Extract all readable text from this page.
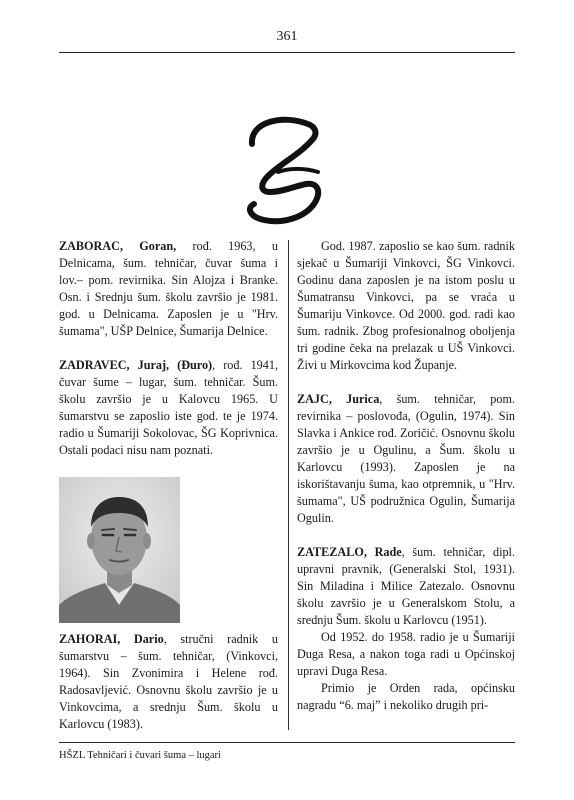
361

ZABORAC, Goran, rođ. 1963, u Delnicama, šum. tehničar, čuvar šuma i lov.– pom. revirnika. Sin Alojza i Branke. Osn. i Srednju šum. školu završio je 1981. god. u Delnicama. Zaposlen je u "Hrv. šumama", UŠP Delnice, Šumarija Delnice.

ZADRAVEC, Juraj, (Đuro), rođ. 1941, čuvar šume – lugar, šum. tehničar. Šum. školu završio je u Kalovcu 1965. U šumarstvu se zaposlio iste god. te je 1974. radio u Šumariji Sokolovac, ŠG Koprivnica. Ostali podaci nisu nam poznati.

ZAHORAI, Dario, stručni radnik u šumarstvu – šum. tehničar, (Vinkovci, 1964). Sin Zvonimira i Helene rođ. Radosavljević. Osnovnu školu završio je u Vinkovcima, a srednju Šum. školu u Karlovcu (1983).

God. 1987. zaposlio se kao šum. radnik sjekač u Šumariji Vinkovci, ŠG Vinkovci. Godinu dana zaposlen je na istom poslu u Šumatransu Vinkovci, pa se vraća u Šumariju Vinkovce. Od 2000. god. radi kao šum. radnik. Zbog profesionalnog oboljenja tri godine čeka na prelazak u UŠ Vinkovci. Živi u Mirkovcima kod Županje.

ZAJC, Jurica, šum. tehničar, pom. revirnika – poslovođa, (Ogulin, 1974). Sin Slavka i Ankice rođ. Zoričić. Osnovnu školu završio je u Ogulinu, a Šum. školu u Karlovcu (1993). Zaposlen je na iskorištavanju šuma, kao otpremnik, u "Hrv. šumama", UŠ podružnica Ogulin, Šumarija Ogulin.

ZATEZALO, Rade, šum. tehničar, dipl. upravni pravnik, (Generalski Stol, 1931). Sin Miladina i Milice Zatezalo. Osnovnu školu završio je u Generalskom Stolu, a srednju Šum. školu u Karlovcu (1951).

Od 1952. do 1958. radio je u Šumariji Duga Resa, a nakon toga radi u Općinskoj upravi Duga Resa.

Primio je Orden rada, općinsku nagradu “6. maj” i nekoliko drugih pri-

HŠZL Tehničari i čuvari šuma – lugari
